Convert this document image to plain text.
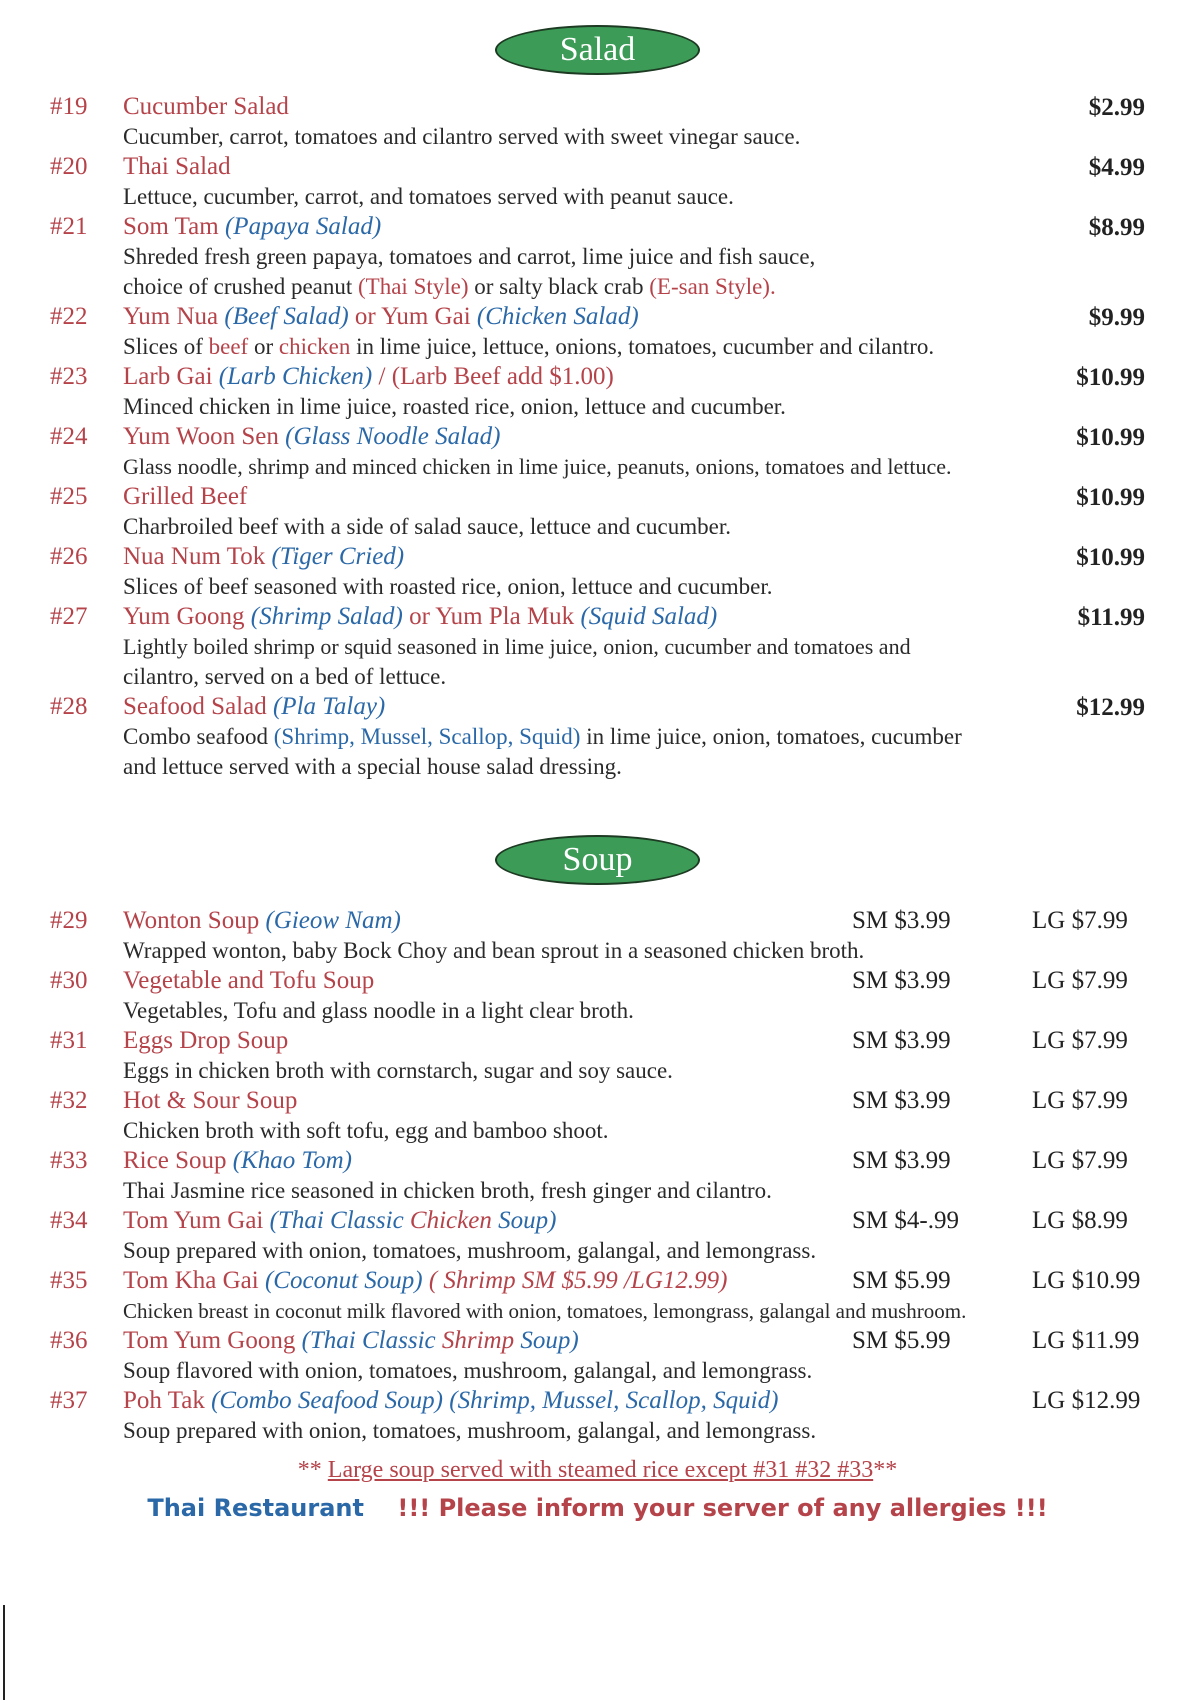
Salad
#19 Cucumber Salad	$2.99
Cucumber, carrot, tomatoes and cilantro served with sweet vinegar sauce.
#20 Thai Salad	$4.99
Lettuce, cucumber, carrot, and tomatoes served with peanut sauce.
#21 Som Tam (Papaya Salad)	$8.99
Shreded fresh green papaya, tomatoes and carrot, lime juice and fish sauce,
choice of crushed peanut (Thai Style) or salty black crab (E-san Style).
#22 Yum Nua (Beef Salad) or Yum Gai (Chicken Salad)	$9.99
Slices of beef or chicken in lime juice, lettuce, onions, tomatoes, cucumber and cilantro.
#23 Larb Gai (Larb Chicken) / (Larb Beef add $1.00)	$10.99
Minced chicken in lime juice, roasted rice, onion, lettuce and cucumber.
#24 Yum Woon Sen (Glass Noodle Salad)	$10.99
Glass noodle, shrimp and minced chicken in lime juice, peanuts, onions, tomatoes and lettuce.
#25 Grilled Beef	$10.99
Charbroiled beef with a side of salad sauce, lettuce and cucumber.
#26 Nua Num Tok (Tiger Cried)	$10.99
Slices of beef seasoned with roasted rice, onion, lettuce and cucumber.
#27 Yum Goong (Shrimp Salad) or Yum Pla Muk (Squid Salad)	$11.99
Lightly boiled shrimp or squid seasoned in lime juice, onion, cucumber and tomatoes and
cilantro, served on a bed of lettuce.
#28 Seafood Salad (Pla Talay)	$12.99
Combo seafood (Shrimp, Mussel, Scallop, Squid) in lime juice, onion, tomatoes, cucumber
and lettuce served with a special house salad dressing.
Soup
#29 Wonton Soup (Gieow Nam)	SM $3.99	LG $7.99
Wrapped wonton, baby Bock Choy and bean sprout in a seasoned chicken broth.
#30 Vegetable and Tofu Soup	SM $3.99	LG $7.99
Vegetables, Tofu and glass noodle in a light clear broth.
#31 Eggs Drop Soup	SM $3.99	LG $7.99
Eggs in chicken broth with cornstarch, sugar and soy sauce.
#32 Hot & Sour Soup	SM $3.99	LG $7.99
Chicken broth with soft tofu, egg and bamboo shoot.
#33 Rice Soup (Khao Tom)	SM $3.99	LG $7.99
Thai Jasmine rice seasoned in chicken broth, fresh ginger and cilantro.
#34 Tom Yum Gai (Thai Classic Chicken Soup)	SM $4-.99	LG $8.99
Soup prepared with onion, tomatoes, mushroom, galangal, and lemongrass.
#35 Tom Kha Gai (Coconut Soup) ( Shrimp SM $5.99 /LG12.99)	SM $5.99	LG $10.99
Chicken breast in coconut milk flavored with onion, tomatoes, lemongrass, galangal and mushroom.
#36 Tom Yum Goong (Thai Classic Shrimp Soup)	SM $5.99	LG $11.99
Soup flavored with onion, tomatoes, mushroom, galangal, and lemongrass.
#37 Poh Tak (Combo Seafood Soup) (Shrimp, Mussel, Scallop, Squid)	LG $12.99
Soup prepared with onion, tomatoes, mushroom, galangal, and lemongrass.
** Large soup served with steamed rice except #31 #32 #33**
Thai Restaurant !!! Please inform your server of any allergies !!!
